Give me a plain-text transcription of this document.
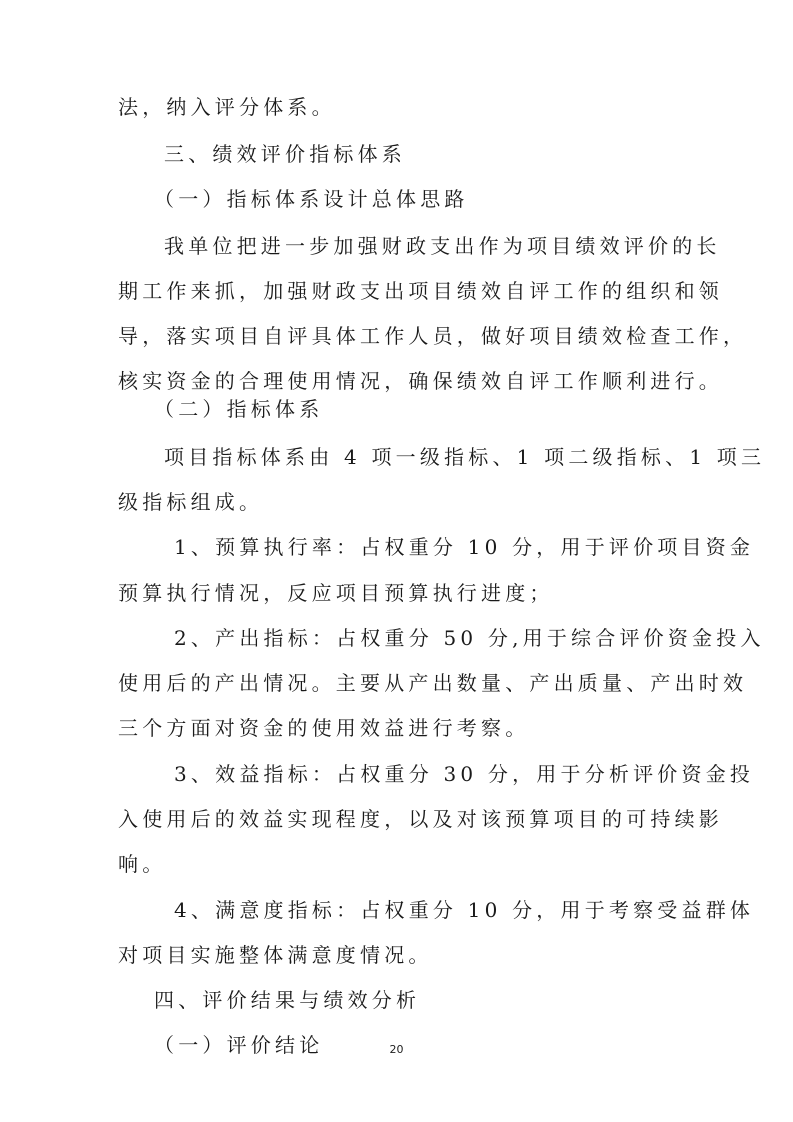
法，纳入评分体系。
三、绩效评价指标体系
（一）指标体系设计总体思路
我单位把进一步加强财政支出作为项目绩效评价的长
期工作来抓，加强财政支出项目绩效自评工作的组织和领
导，落实项目自评具体工作人员，做好项目绩效检查工作，
核实资金的合理使用情况，确保绩效自评工作顺利进行。
（二）指标体系
项目指标体系由 4 项一级指标、1 项二级指标、1 项三
级指标组成。
1、预算执行率：占权重分 10 分，用于评价项目资金
预算执行情况，反应项目预算执行进度；
2、产出指标：占权重分 50 分,用于综合评价资金投入
使用后的产出情况。主要从产出数量、产出质量、产出时效
三个方面对资金的使用效益进行考察。
3、效益指标：占权重分 30 分，用于分析评价资金投
入使用后的效益实现程度，以及对该预算项目的可持续影
响。
4、满意度指标：占权重分 10 分，用于考察受益群体
对项目实施整体满意度情况。
四、评价结果与绩效分析
（一）评价结论	20
